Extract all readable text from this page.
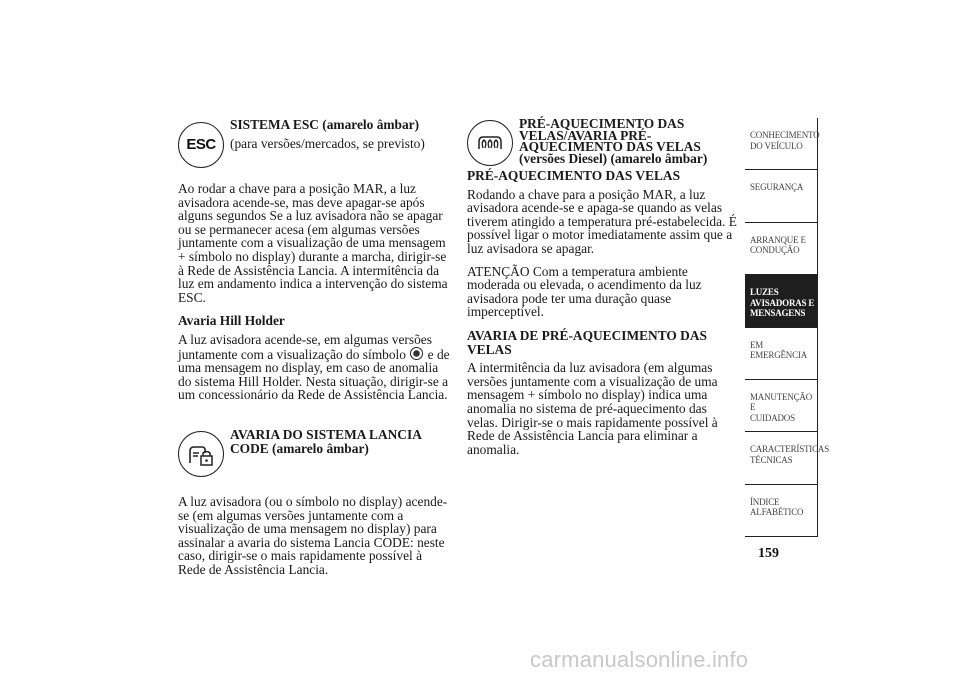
ESC

SISTEMA ESC (amarelo âmbar)

(para versões/mercados, se previsto)

Ao rodar a chave para a posição MAR, a luz avisadora acende-se, mas deve apagar-se após alguns segundos Se a luz avisadora não se apagar ou se permanecer acesa (em algumas versões juntamente com a visualização de uma mensagem + símbolo no display) durante a marcha, dirigir-se à Rede de Assistência Lancia. A intermitência da luz em andamento indica a intervenção do sistema ESC.

Avaria Hill Holder

A luz avisadora acende-se, em algumas versões juntamente com a visualização do símbolo e de uma mensagem no display, em caso de anomalia do sistema Hill Holder. Nesta situação, dirigir-se a um concessionário da Rede de Assistência Lancia.

AVARIA DO SISTEMA LANCIA CODE (amarelo âmbar)

A luz avisadora (ou o símbolo no display) acende-se (em algumas versões juntamente com a visualização de uma mensagem no display) para assinalar a avaria do sistema Lancia CODE: neste caso, dirigir-se o mais rapidamente possível à Rede de Assistência Lancia.

PRÉ-AQUECIMENTO DAS VELAS/AVARIA PRÉ-AQUECIMENTO DAS VELAS (versões Diesel) (amarelo âmbar)

PRÉ-AQUECIMENTO DAS VELAS

Rodando a chave para a posição MAR, a luz avisadora acende-se e apaga-se quando as velas tiverem atingido a temperatura pré-estabelecida. É possível ligar o motor imediatamente assim que a luz avisadora se apagar.

ATENÇÃO Com a temperatura ambiente moderada ou elevada, o acendimento da luz avisadora pode ter uma duração quase imperceptível.

AVARIA DE PRÉ-AQUECIMENTO DAS VELAS

A intermitência da luz avisadora (em algumas versões juntamente com a visualização de uma mensagem + símbolo no display) indica uma anomalia no sistema de pré-aquecimento das velas. Dirigir-se o mais rapidamente possível à Rede de Assistência Lancia para eliminar a anomalia.

CONHECIMENTO
DO VEÍCULO
SEGURANÇA
ARRANQUE E
CONDUÇÃO
LUZES
AVISADORAS E
MENSAGENS
EM EMERGÊNCIA
MANUTENÇÃO E
CUIDADOS
CARACTERÍSTICAS
TÉCNICAS
ÍNDICE
ALFABÉTICO
159
carmanualsonline.info
